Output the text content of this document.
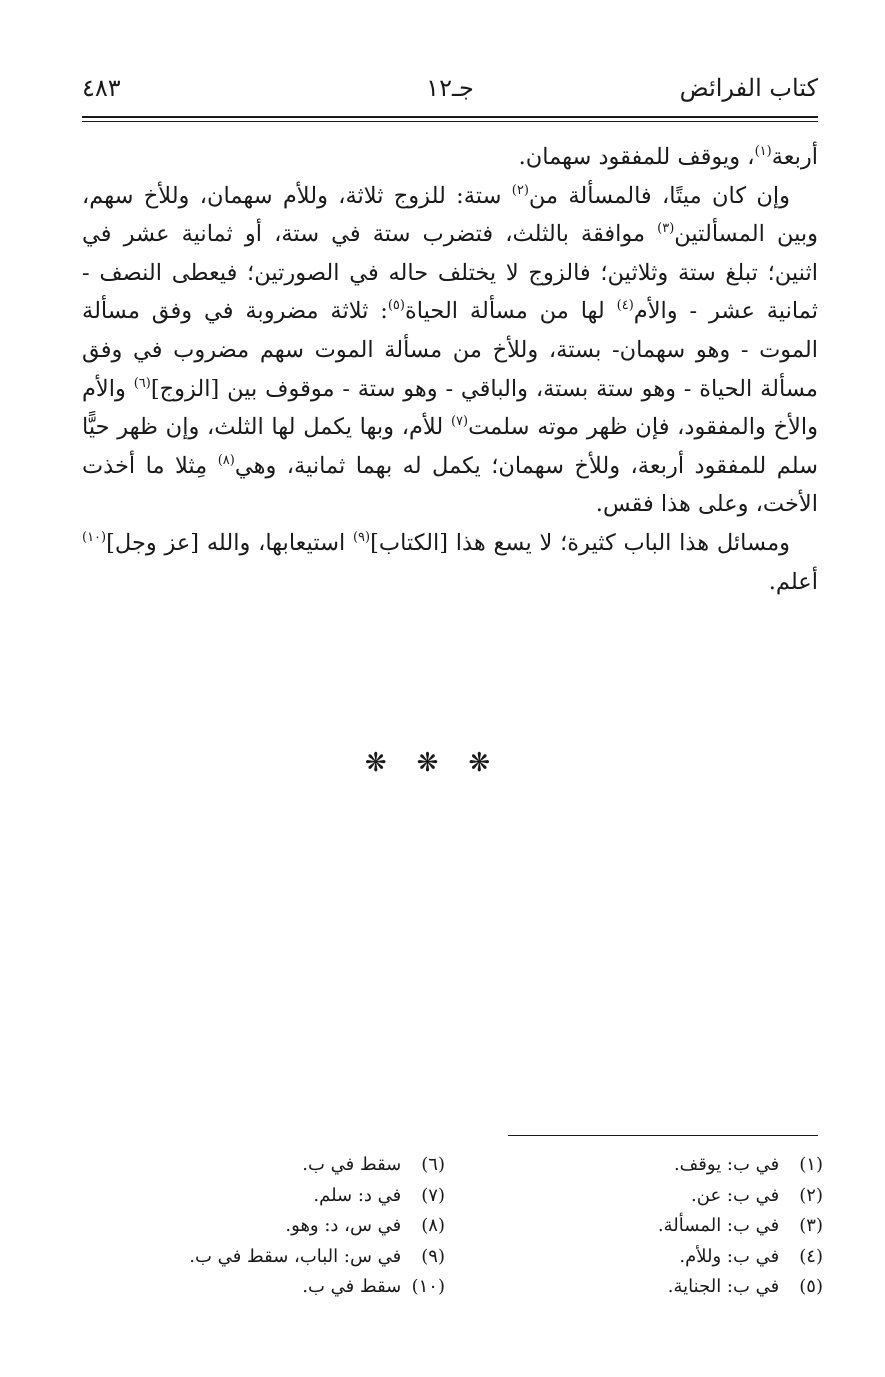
كتاب الفرائض
جـ١٢
٤٨٣

أربعة$^{(١)}$، ويوقف للمفقود سهمان.

وإن كان ميتًا، فالمسألة من$^{(٢)}$ ستة: للزوج ثلاثة، وللأم سهمان، وللأخ سهم، وبين المسألتين$^{(٣)}$ موافقة بالثلث، فتضرب ستة في ستة، أو ثمانية عشر في اثنين؛ تبلغ ستة وثلاثين؛ فالزوج لا يختلف حاله في الصورتين؛ فيعطى النصف - ثمانية عشر - والأم$^{(٤)}$ لها من مسألة الحياة$^{(٥)}$: ثلاثة مضروبة في وفق مسألة الموت - وهو سهمان- بستة، وللأخ من مسألة الموت سهم مضروب في وفق مسألة الحياة - وهو ستة بستة، والباقي - وهو ستة - موقوف بين [الزوج]$^{(٦)}$ والأم والأخ والمفقود، فإن ظهر موته سلمت$^{(٧)}$ للأم، وبها يكمل لها الثلث، وإن ظهر حيًّا سلم للمفقود أربعة، وللأخ سهمان؛ يكمل له بهما ثمانية، وهي$^{(٨)}$ مِثلا ما أخذت الأخت، وعلى هذا فقس.

ومسائل هذا الباب كثيرة؛ لا يسع هذا [الكتاب]$^{(٩)}$ استيعابها، والله [عز وجل]$^{(١٠)}$ أعلم.

❋❋❋
(١) في ب: يوقف.
(٢) في ب: عن.
(٣) في ب: المسألة.
(٤) في ب: وللأم.
(٥) في ب: الجناية.
(٦) سقط في ب.
(٧) في د: سلم.
(٨) في س، د: وهو.
(٩) في س: الباب، سقط في ب.
(١٠) سقط في ب.
